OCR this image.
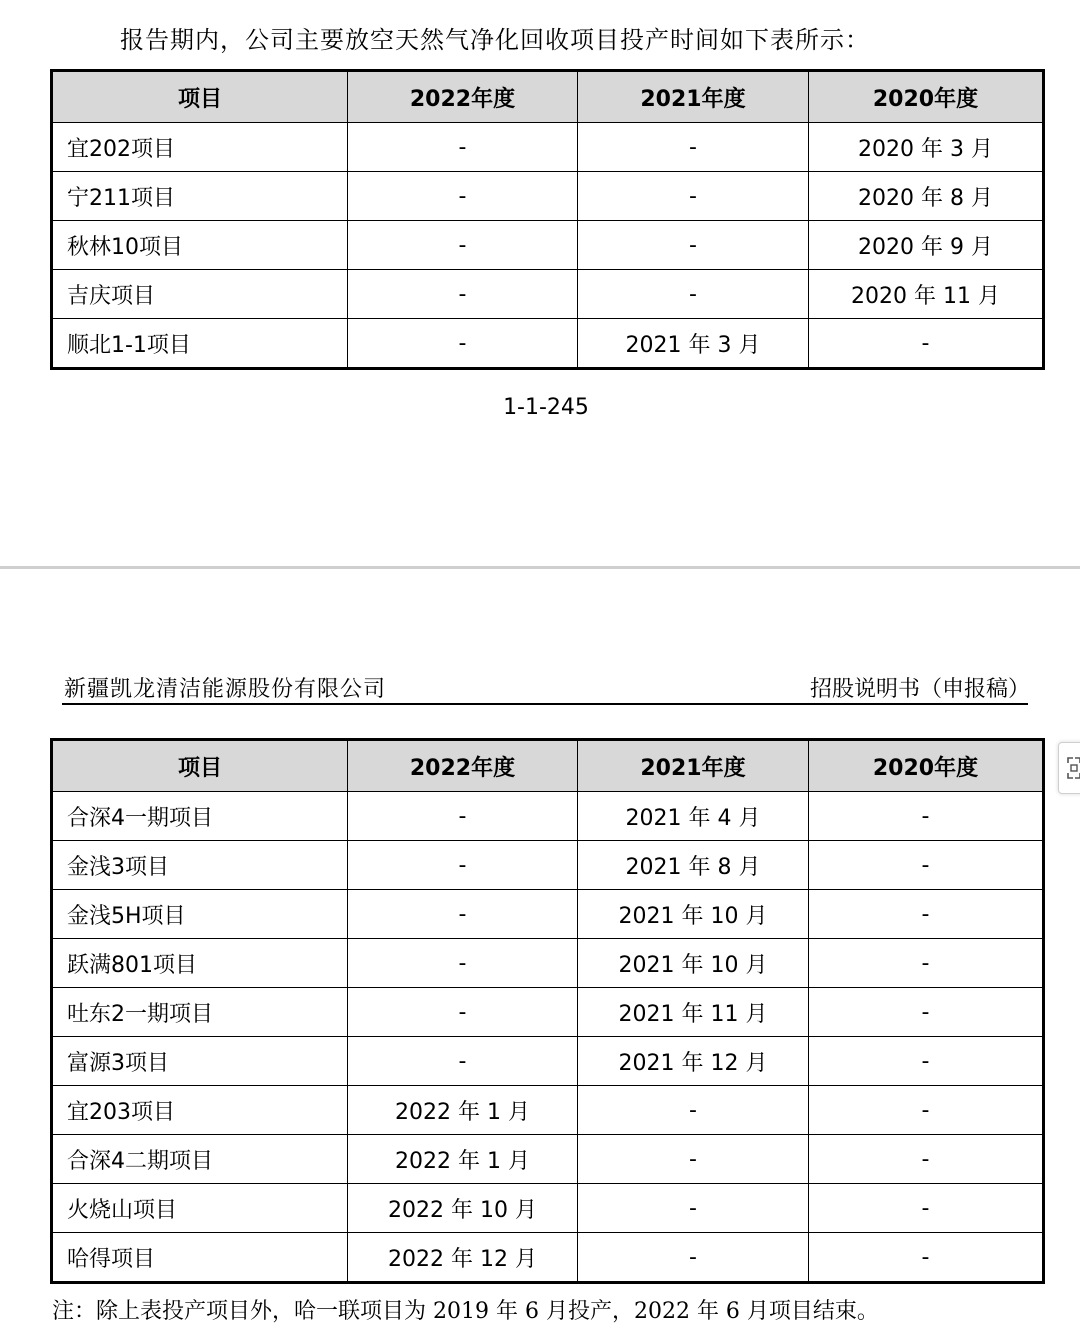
报告期内，公司主要放空天然气净化回收项目投产时间如下表所示：
项目	2022年度	2021年度	2020年度
宜202项目	-	-	2020 年 3 月
宁211项目	-	-	2020 年 8 月
秋林10项目	-	-	2020 年 9 月
吉庆项目	-	-	2020 年 11 月
顺北1-1项目	-	2021 年 3 月	-
1-1-245
新疆凯龙清洁能源股份有限公司	招股说明书（申报稿）
项目	2022年度	2021年度	2020年度
合深4一期项目	-	2021 年 4 月	-
金浅3项目	-	2021 年 8 月	-
金浅5H项目	-	2021 年 10 月	-
跃满801项目	-	2021 年 10 月	-
吐东2一期项目	-	2021 年 11 月	-
富源3项目	-	2021 年 12 月	-
宜203项目	2022 年 1 月	-	-
合深4二期项目	2022 年 1 月	-	-
火烧山项目	2022 年 10 月	-	-
哈得项目	2022 年 12 月	-	-
注：除上表投产项目外，哈一联项目为 2019 年 6 月投产，2022 年 6 月项目结束。
